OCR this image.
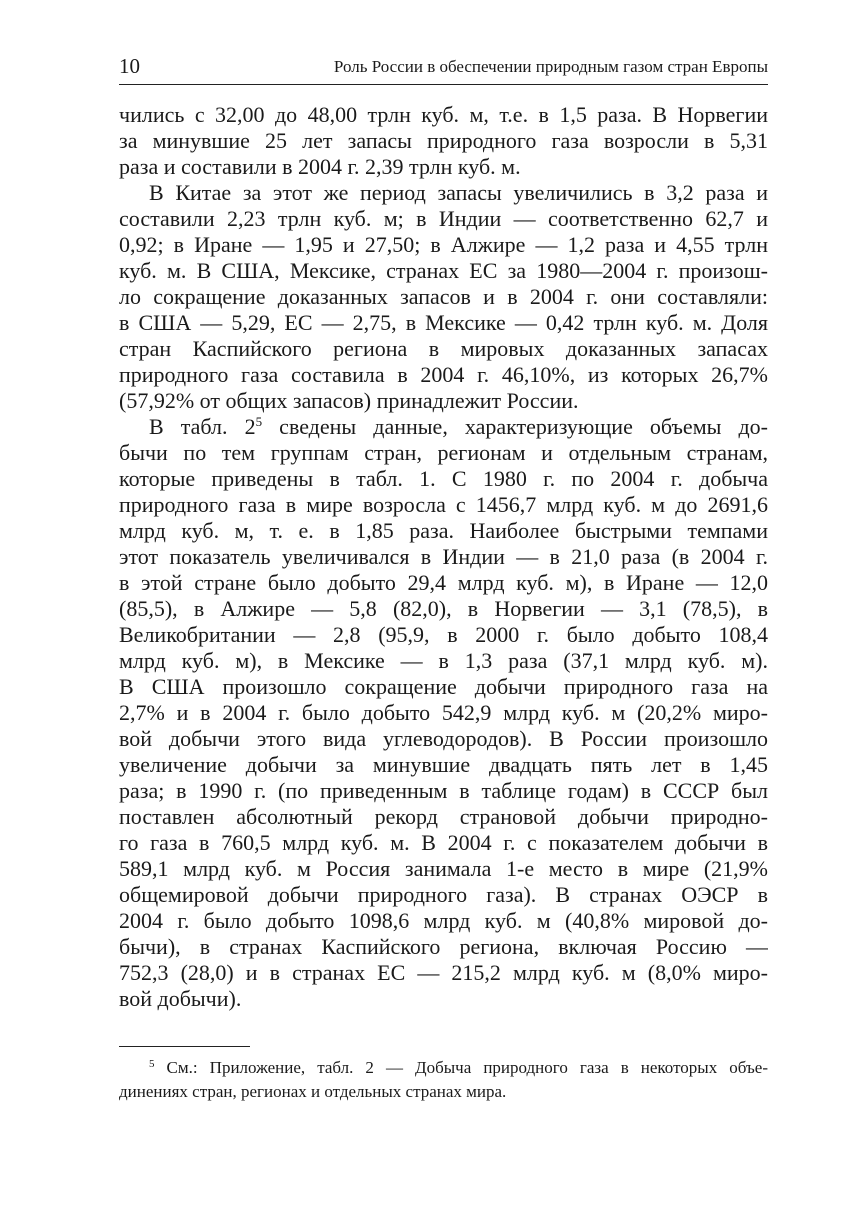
10	Роль России в обеспечении природным газом стран Европы
чились с 32,00 до 48,00 трлн куб. м, т.е. в 1,5 раза. В Норвегии
за минувшие 25 лет запасы природного газа возросли в 5,31
раза и составили в 2004 г. 2,39 трлн куб. м.
В Китае за этот же период запасы увеличились в 3,2 раза и
составили 2,23 трлн куб. м; в Индии — соответственно 62,7 и
0,92; в Иране — 1,95 и 27,50; в Алжире — 1,2 раза и 4,55 трлн
куб. м. В США, Мексике, странах ЕС за 1980—2004 г. произош-
ло сокращение доказанных запасов и в 2004 г. они составляли:
в США — 5,29, ЕС — 2,75, в Мексике — 0,42 трлн куб. м. Доля
стран Каспийского региона в мировых доказанных запасах
природного газа составила в 2004 г. 46,10%, из которых 26,7%
(57,92% от общих запасов) принадлежит России.
В табл. $2^5$ сведены данные, характеризующие объемы до-
бычи по тем группам стран, регионам и отдельным странам,
которые приведены в табл. 1. С 1980 г. по 2004 г. добыча
природного газа в мире возросла с 1456,7 млрд куб. м до 2691,6
млрд куб. м, т. е. в 1,85 раза. Наиболее быстрыми темпами
этот показатель увеличивался в Индии — в 21,0 раза (в 2004 г.
в этой стране было добыто 29,4 млрд куб. м), в Иране — 12,0
(85,5), в Алжире — 5,8 (82,0), в Норвегии — 3,1 (78,5), в
Великобритании — 2,8 (95,9, в 2000 г. было добыто 108,4
млрд куб. м), в Мексике — в 1,3 раза (37,1 млрд куб. м).
В США произошло сокращение добычи природного газа на
2,7% и в 2004 г. было добыто 542,9 млрд куб. м (20,2% миро-
вой добычи этого вида углеводородов). В России произошло
увеличение добычи за минувшие двадцать пять лет в 1,45
раза; в 1990 г. (по приведенным в таблице годам) в СССР был
поставлен абсолютный рекорд страновой добычи природно-
го газа в 760,5 млрд куб. м. В 2004 г. с показателем добычи в
589,1 млрд куб. м Россия занимала 1-е место в мире (21,9%
общемировой добычи природного газа). В странах ОЭСР в
2004 г. было добыто 1098,6 млрд куб. м (40,8% мировой до-
бычи), в странах Каспийского региона, включая Россию —
752,3 (28,0) и в странах ЕС — 215,2 млрд куб. м (8,0% миро-
вой добычи).
$^5$ См.: Приложение, табл. 2 — Добыча природного газа в некоторых объе-
динениях стран, регионах и отдельных странах мира.
